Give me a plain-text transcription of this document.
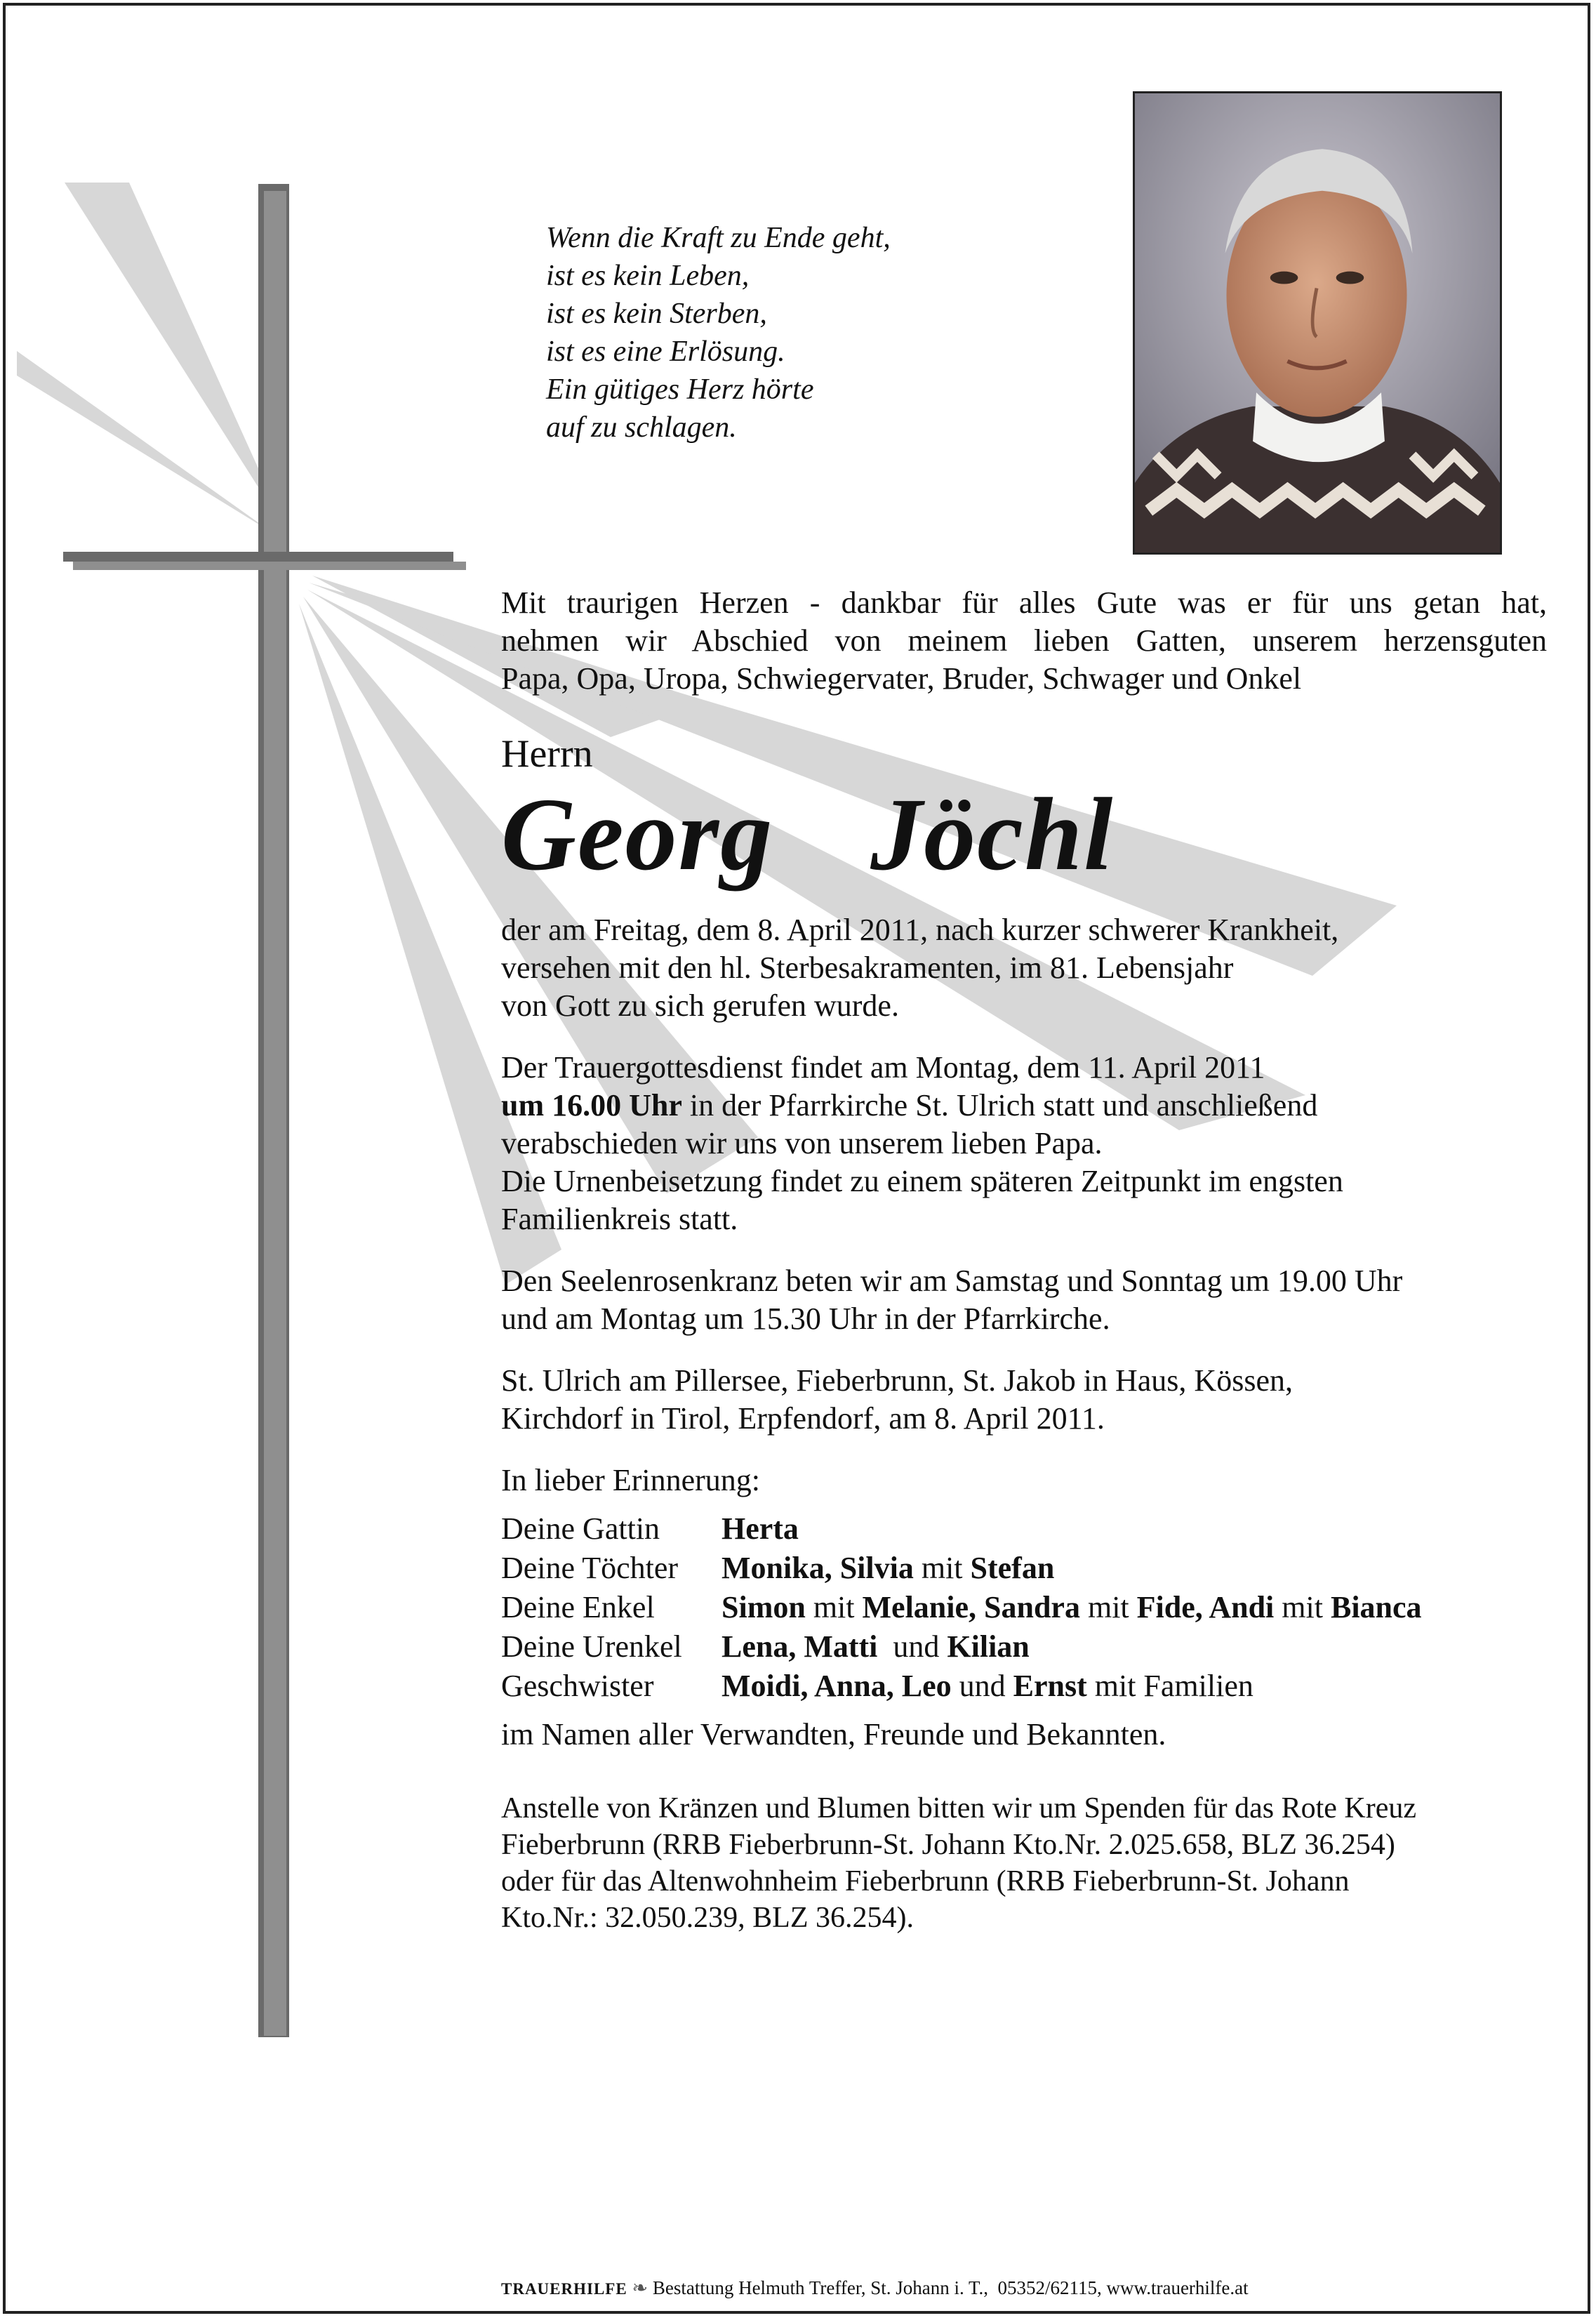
Wenn die Kraft zu Ende geht,
ist es kein Leben,
ist es kein Sterben,
ist es eine Erlösung.
Ein gütiges Herz hörte
auf zu schlagen.
Mit traurigen Herzen - dankbar für alles Gute was er für uns getan hat,
nehmen wir Abschied von meinem lieben Gatten, unserem herzensguten
Papa, Opa, Uropa, Schwiegervater, Bruder, Schwager und Onkel
Herrn
Georg  Jöchl
der am Freitag, dem 8. April 2011, nach kurzer schwerer Krankheit,
versehen mit den hl. Sterbesakramenten, im 81. Lebensjahr
von Gott zu sich gerufen wurde.
Der Trauergottesdienst findet am Montag, dem 11. April 2011
um 16.00 Uhr in der Pfarrkirche St. Ulrich statt und anschließend
verabschieden wir uns von unserem lieben Papa.
Die Urnenbeisetzung findet zu einem späteren Zeitpunkt im engsten
Familienkreis statt.
Den Seelenrosenkranz beten wir am Samstag und Sonntag um 19.00 Uhr
und am Montag um 15.30 Uhr in der Pfarrkirche.
St. Ulrich am Pillersee, Fieberbrunn, St. Jakob in Haus, Kössen,
Kirchdorf in Tirol, Erpfendorf, am 8. April 2011.
In lieber Erinnerung:
Deine Gattin	Herta
Deine Töchter	Monika, Silvia mit Stefan
Deine Enkel	Simon mit Melanie, Sandra mit Fide, Andi mit Bianca
Deine Urenkel	Lena, Matti  und Kilian
Geschwister	Moidi, Anna, Leo und Ernst mit Familien
im Namen aller Verwandten, Freunde und Bekannten.
Anstelle von Kränzen und Blumen bitten wir um Spenden für das Rote Kreuz
Fieberbrunn (RRB Fieberbrunn-St. Johann Kto.Nr. 2.025.658, BLZ 36.254)
oder für das Altenwohnheim Fieberbrunn (RRB Fieberbrunn-St. Johann
Kto.Nr.: 32.050.239, BLZ 36.254).
TRAUERHILFE ❧ Bestattung Helmuth Treffer, St. Johann i. T.,  05352/62115, www.trauerhilfe.at
